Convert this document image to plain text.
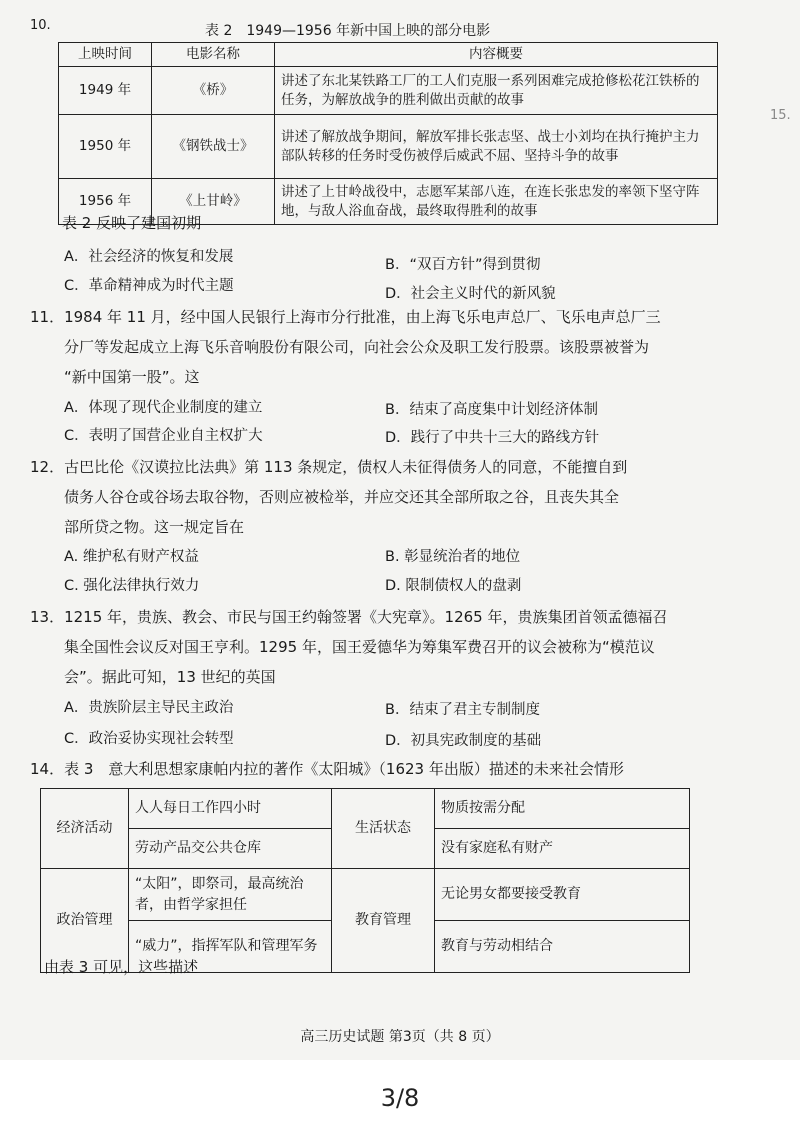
10.
15.
表 2　1949—1956 年新中国上映的部分电影
上映时间	电影名称	内容概要
1949 年	《桥》	讲述了东北某铁路工厂的工人们克服一系列困难完成抢修松花江铁桥的任务，为解放战争的胜利做出贡献的故事
1950 年	《钢铁战士》	讲述了解放战争期间，解放军排长张志坚、战士小刘均在执行掩护主力部队转移的任务时受伤被俘后威武不屈、坚持斗争的故事
1956 年	《上甘岭》	讲述了上甘岭战役中，志愿军某部八连，在连长张忠发的率领下坚守阵地，与敌人浴血奋战，最终取得胜利的故事
表 2 反映了建国初期
A．社会经济的恢复和发展	B．“双百方针”得到贯彻
C．革命精神成为时代主题	D．社会主义时代的新风貌
11．1984 年 11 月，经中国人民银行上海市分行批准，由上海飞乐电声总厂、飞乐电声总厂三
分厂等发起成立上海飞乐音响股份有限公司，向社会公众及职工发行股票。该股票被誉为
“新中国第一股”。这
A．体现了现代企业制度的建立	B．结束了高度集中计划经济体制
C．表明了国营企业自主权扩大	D．践行了中共十三大的路线方针
12．古巴比伦《汉谟拉比法典》第 113 条规定，债权人未征得债务人的同意，不能擅自到
债务人谷仓或谷场去取谷物，否则应被检举，并应交还其全部所取之谷，且丧失其全
部所贷之物。这一规定旨在
A. 维护私有财产权益	B. 彰显统治者的地位
C. 强化法律执行效力	D. 限制债权人的盘剥
13．1215 年，贵族、教会、市民与国王约翰签署《大宪章》。1265 年，贵族集团首领孟德福召
集全国性会议反对国王亨利。1295 年，国王爱德华为筹集军费召开的议会被称为“模范议
会”。据此可知，13 世纪的英国
A．贵族阶层主导民主政治	B．结束了君主专制制度
C．政治妥协实现社会转型	D．初具宪政制度的基础
14．表 3　意大利思想家康帕内拉的著作《太阳城》（1623 年出版）描述的未来社会情形
经济活动	人人每日工作四小时	生活状态	物质按需分配
	劳动产品交公共仓库		没有家庭私有财产
政治管理	“太阳”，即祭司，最高统治者，由哲学家担任	教育管理	无论男女都要接受教育
	“威力”，指挥军队和管理军务		教育与劳动相结合
由表 3 可见，这些描述
高三历史试题 第3页（共 8 页）
3/8
